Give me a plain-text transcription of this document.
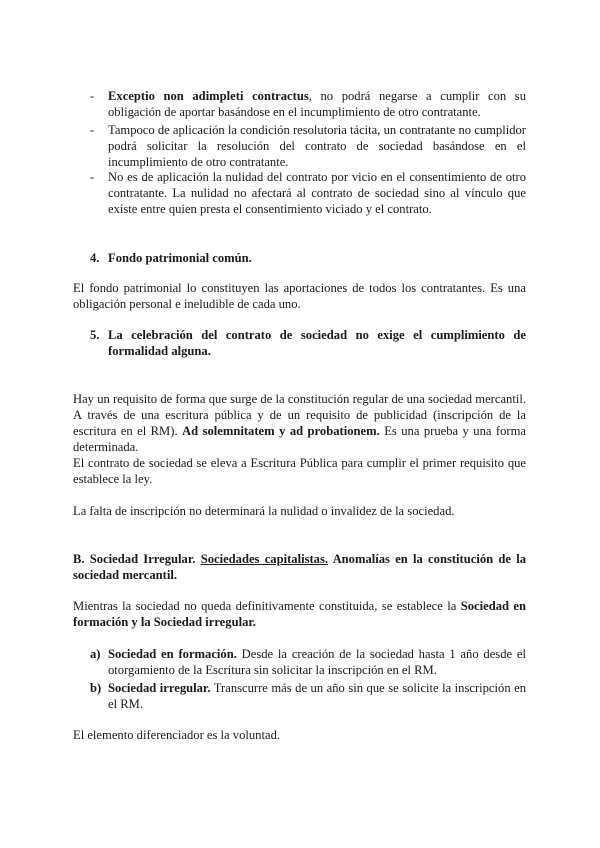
- Exceptio non adimpleti contractus, no podrá negarse a cumplir con su obligación de aportar basándose en el incumplimiento de otro contratante.
- Tampoco de aplicación la condición resolutoria tácita, un contratante no cumplidor podrá solicitar la resolución del contrato de sociedad basándose en el incumplimiento de otro contratante.
- No es de aplicación la nulidad del contrato por vicio en el consentimiento de otro contratante. La nulidad no afectará al contrato de sociedad sino al vínculo que existe entre quien presta el consentimiento viciado y el contrato.
4. Fondo patrimonial común.

El fondo patrimonial lo constituyen las aportaciones de todos los contratantes. Es una obligación personal e ineludible de cada uno.

5. La celebración del contrato de sociedad no exige el cumplimiento de formalidad alguna.

Hay un requisito de forma que surge de la constitución regular de una sociedad mercantil. A través de una escritura pública y de un requisito de publicidad (inscripción de la escritura en el RM). Ad solemnitatem y ad probationem. Es una prueba y una forma determinada.

El contrato de sociedad se eleva a Escritura Pública para cumplir el primer requisito que establece la ley.

La falta de inscripción no determinará la nulidad o invalidez de la sociedad.

B. Sociedad Irregular. Sociedades capitalistas. Anomalías en la constitución de la sociedad mercantil.

Mientras la sociedad no queda definitivamente constituida, se establece la Sociedad en formación y la Sociedad irregular.

a) Sociedad en formación. Desde la creación de la sociedad hasta 1 año desde el otorgamiento de la Escritura sin solicitar la inscripción en el RM.
b) Sociedad irregular. Transcurre más de un año sin que se solicite la inscripción en el RM.

El elemento diferenciador es la voluntad.
